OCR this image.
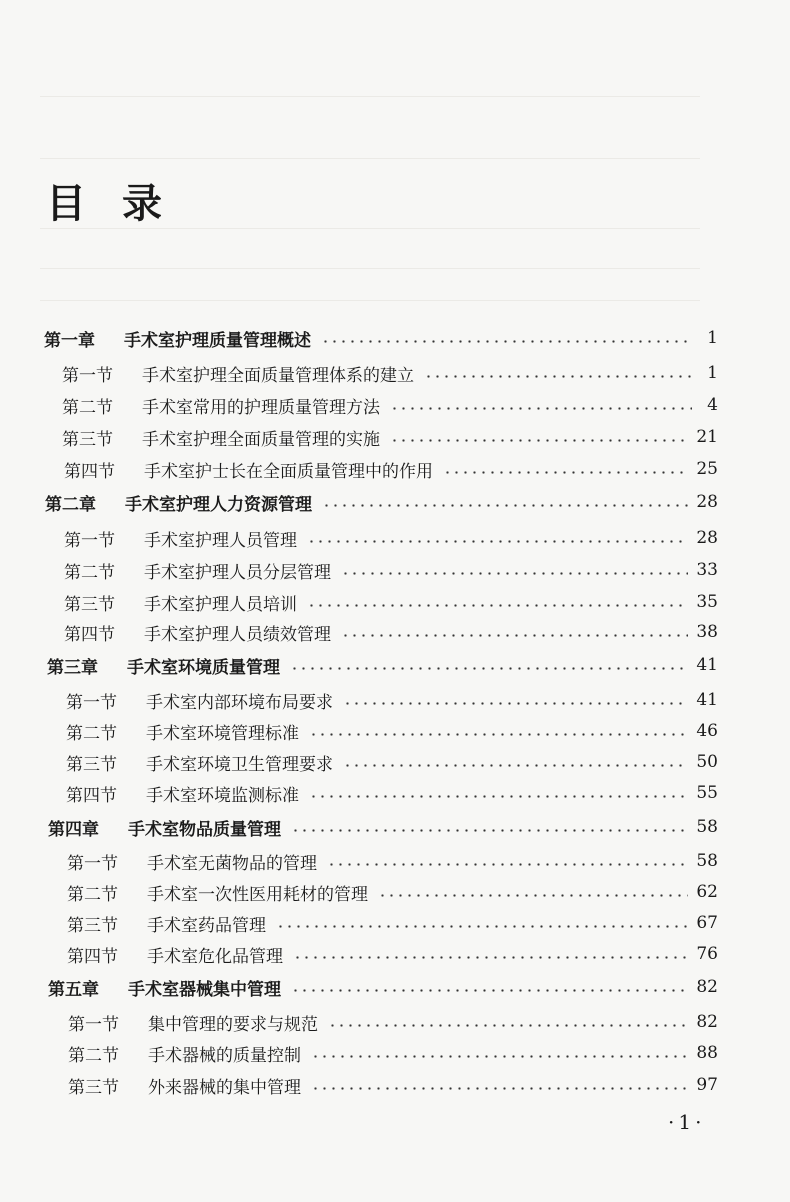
目录
第一章	手术室护理质量管理概述	1
第一节	手术室护理全面质量管理体系的建立	1
第二节	手术室常用的护理质量管理方法	4
第三节	手术室护理全面质量管理的实施	21
第四节	手术室护士长在全面质量管理中的作用	25
第二章	手术室护理人力资源管理	28
第一节	手术室护理人员管理	28
第二节	手术室护理人员分层管理	33
第三节	手术室护理人员培训	35
第四节	手术室护理人员绩效管理	38
第三章	手术室环境质量管理	41
第一节	手术室内部环境布局要求	41
第二节	手术室环境管理标准	46
第三节	手术室环境卫生管理要求	50
第四节	手术室环境监测标准	55
第四章	手术室物品质量管理	58
第一节	手术室无菌物品的管理	58
第二节	手术室一次性医用耗材的管理	62
第三节	手术室药品管理	67
第四节	手术室危化品管理	76
第五章	手术室器械集中管理	82
第一节	集中管理的要求与规范	82
第二节	手术器械的质量控制	88
第三节	外来器械的集中管理	97
·1·
